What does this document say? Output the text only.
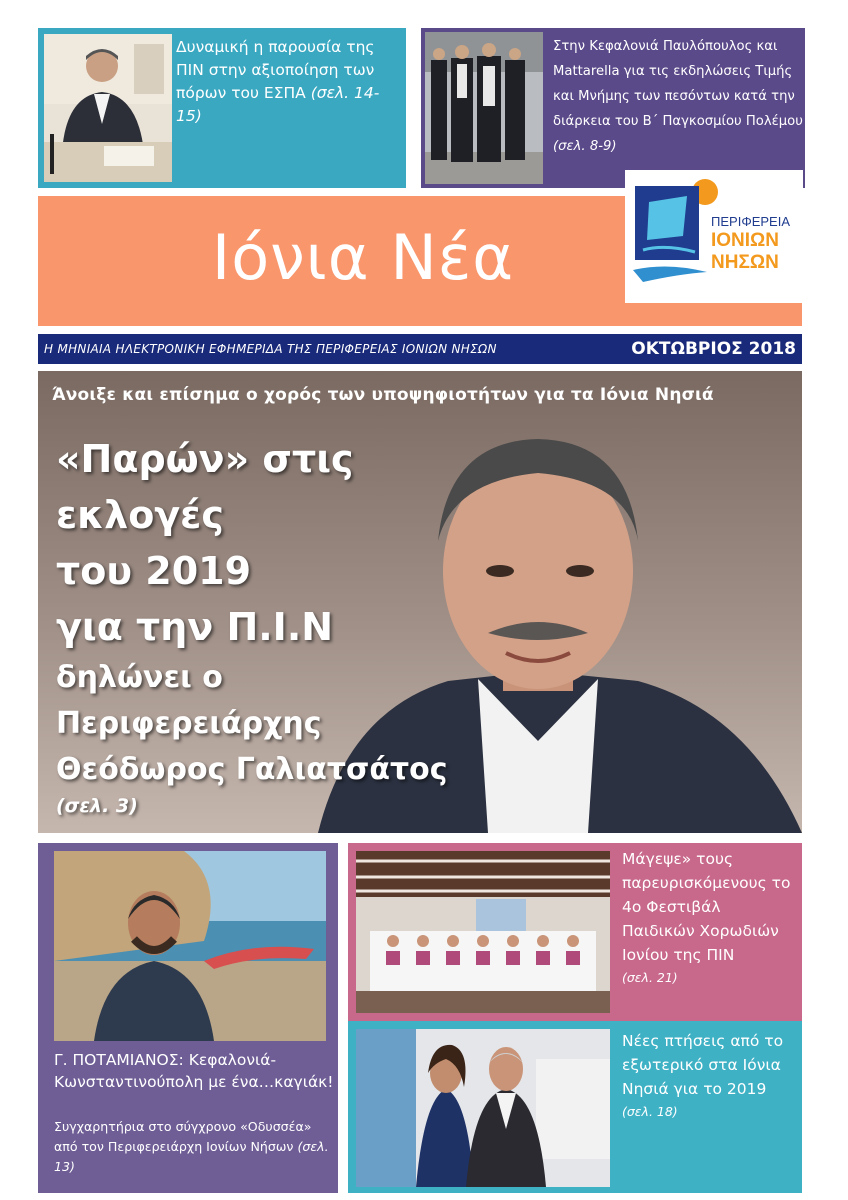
Δυναμική η παρουσία της ΠΙΝ στην αξιοποίηση των πόρων του ΕΣΠΑ (σελ. 14-15)
Στην Κεφαλονιά Παυλόπουλος και Mattarella για τις εκδηλώσεις Τιμής και Μνήμης των πεσόντων κατά την διάρκεια του Β΄ Παγκοσμίου Πολέμου (σελ. 8-9)
Ιόνια Νέα	ΠΕΡΙΦΕΡΕΙΑ
ΙΟΝΙΩΝ
ΝΗΣΩΝ
Η ΜΗΝΙΑΙΑ ΗΛΕΚΤΡΟΝΙΚΗ ΕΦΗΜΕΡΙΔΑ ΤΗΣ ΠΕΡΙΦΕΡΕΙΑΣ ΙΟΝΙΩΝ ΝΗΣΩΝ	ΟΚΤΩΒΡΙΟΣ 2018
Άνοιξε και επίσημα ο χορός των υποψηφιοτήτων για τα Ιόνια Νησιά
«Παρών» στις
εκλογές
του 2019
για την Π.Ι.Ν
δηλώνει ο
Περιφερειάρχης
Θεόδωρος Γαλιατσάτος
(σελ. 3)
Γ. ΠΟΤΑΜΙΑΝΟΣ: Κεφαλονιά-Κωνσταντινούπολη με ένα…καγιάκ!
Συγχαρητήρια στο σύγχρονο «Οδυσσέα» από τον Περιφερειάρχη Ιονίων Νήσων (σελ. 13)
Μάγεψε» τους παρευρισκόμενους το 4ο Φεστιβάλ Παιδικών Χορωδιών Ιονίου της ΠΙΝ
(σελ. 21)
Νέες πτήσεις από το εξωτερικό στα Ιόνια Νησιά για το 2019
(σελ. 18)
